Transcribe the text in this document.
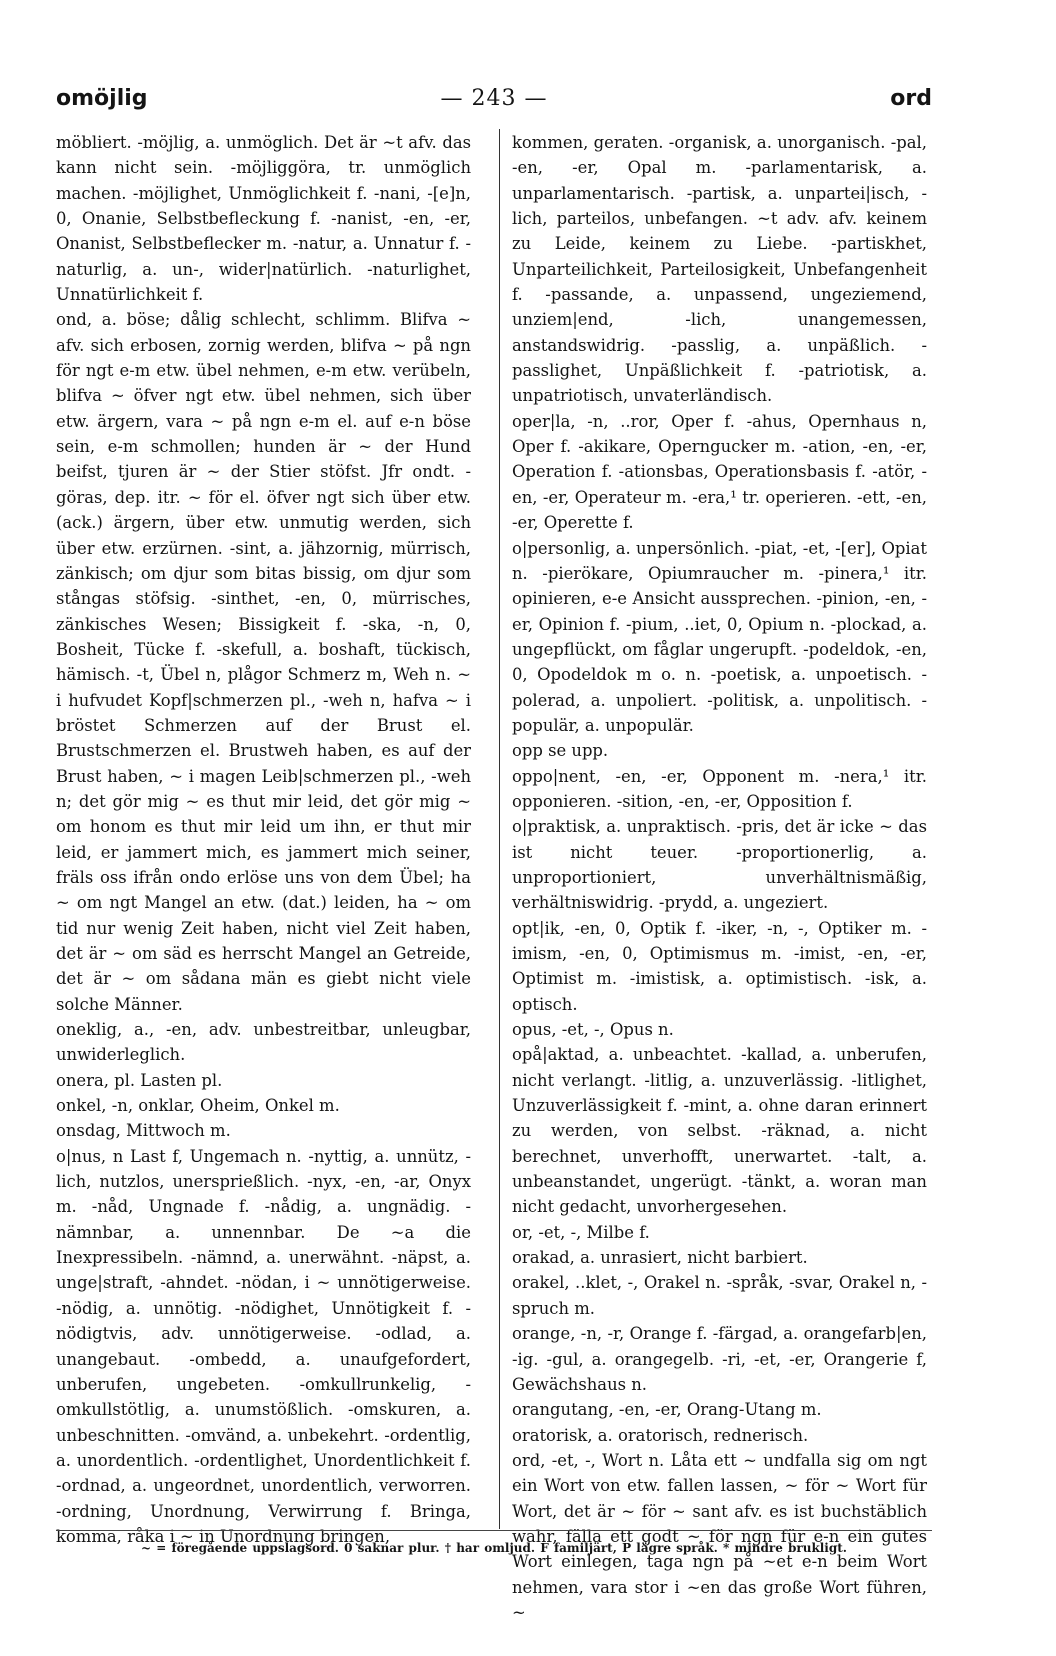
omöjlig	— 243 —	ord

möbliert. -möjlig, a. unmöglich. Det är ~t afv. das kann nicht sein. -möjliggöra, tr. unmöglich machen. -möjlighet, Unmöglichkeit f. -nani, -[e]n, 0, Onanie, Selbstbefleckung f. -nanist, -en, -er, Onanist, Selbstbeflecker m. -natur, a. Unnatur f. -naturlig, a. un-, wider|natürlich. -naturlighet, Unnatürlichkeit f.

ond, a. böse; dålig schlecht, schlimm. Blifva ~ afv. sich erbosen, zornig werden, blifva ~ på ngn för ngt e-m etw. übel nehmen, e-m etw. verübeln, blifva ~ öfver ngt etw. übel nehmen, sich über etw. ärgern, vara ~ på ngn e-m el. auf e-n böse sein, e-m schmollen; hunden är ~ der Hund beifst, tjuren är ~ der Stier stöfst. Jfr ondt. -göras, dep. itr. ~ för el. öfver ngt sich über etw. (ack.) ärgern, über etw. unmutig werden, sich über etw. erzürnen. -sint, a. jähzornig, mürrisch, zänkisch; om djur som bitas bissig, om djur som stångas stöfsig. -sinthet, -en, 0, mürrisches, zänkisches Wesen; Bissigkeit f. -ska, -n, 0, Bosheit, Tücke f. -skefull, a. boshaft, tückisch, hämisch. -t, Übel n, plågor Schmerz m, Weh n. ~ i hufvudet Kopf|schmerzen pl., -weh n, hafva ~ i bröstet Schmerzen auf der Brust el. Brustschmerzen el. Brustweh haben, es auf der Brust haben, ~ i magen Leib|schmerzen pl., -weh n; det gör mig ~ es thut mir leid, det gör mig ~ om honom es thut mir leid um ihn, er thut mir leid, er jammert mich, es jammert mich seiner, fräls oss ifrån ondo erlöse uns von dem Übel; ha ~ om ngt Mangel an etw. (dat.) leiden, ha ~ om tid nur wenig Zeit haben, nicht viel Zeit haben, det är ~ om säd es herrscht Mangel an Getreide, det är ~ om sådana män es giebt nicht viele solche Männer.

oneklig, a., -en, adv. unbestreitbar, unleugbar, unwiderleglich.

onera, pl. Lasten pl.

onkel, -n, onklar, Oheim, Onkel m.

onsdag, Mittwoch m.

o|nus, n Last f, Ungemach n. -nyttig, a. unnütz, -lich, nutzlos, unersprießlich. -nyx, -en, -ar, Onyx m. -nåd, Ungnade f. -nådig, a. ungnädig. -nämnbar, a. unnennbar. De ~a die Inexpressibeln. -nämnd, a. unerwähnt. -näpst, a. unge|straft, -ahndet. -nödan, i ~ unnötigerweise. -nödig, a. unnötig. -nödighet, Unnötigkeit f. -nödigtvis, adv. unnötigerweise. -odlad, a. unangebaut. -ombedd, a. unaufgefordert, unberufen, ungebeten. -omkullrunkelig, -omkullstötlig, a. unumstößlich. -omskuren, a. unbeschnitten. -omvänd, a. unbekehrt. -ordentlig, a. unordentlich. -ordentlighet, Unordentlichkeit f. -ordnad, a. ungeordnet, unordentlich, verworren. -ordning, Unordnung, Verwirrung f. Bringa, komma, råka i ~ in Unordnung bringen,

kommen, geraten. -organisk, a. unorganisch. -pal, -en, -er, Opal m. -parlamentarisk, a. unparlamentarisch. -partisk, a. unpartei|isch, -lich, parteilos, unbefangen. ~t adv. afv. keinem zu Leide, keinem zu Liebe. -partiskhet, Unparteilichkeit, Parteilosigkeit, Unbefangenheit f. -passande, a. unpassend, ungeziemend, unziem|end, -lich, unangemessen, anstandswidrig. -passlig, a. unpäßlich. -passlighet, Unpäßlichkeit f. -patriotisk, a. unpatriotisch, unvaterländisch.

oper|la, -n, ..ror, Oper f. -ahus, Opernhaus n, Oper f. -akikare, Operngucker m. -ation, -en, -er, Operation f. -ationsbas, Operationsbasis f. -atör, -en, -er, Operateur m. -era,¹ tr. operieren. -ett, -en, -er, Operette f.

o|personlig, a. unpersönlich. -piat, -et, -[er], Opiat n. -pierökare, Opiumraucher m. -pinera,¹ itr. opinieren, e-e Ansicht aussprechen. -pinion, -en, -er, Opinion f. -pium, ..iet, 0, Opium n. -plockad, a. ungepflückt, om fåglar ungerupft. -podeldok, -en, 0, Opodeldok m o. n. -poetisk, a. unpoetisch. -polerad, a. unpoliert. -politisk, a. unpolitisch. -populär, a. unpopulär.

opp se upp.

oppo|nent, -en, -er, Opponent m. -nera,¹ itr. opponieren. -sition, -en, -er, Opposition f.

o|praktisk, a. unpraktisch. -pris, det är icke ~ das ist nicht teuer. -proportionerlig, a. unproportioniert, unverhältnismäßig, verhältniswidrig. -prydd, a. ungeziert.

opt|ik, -en, 0, Optik f. -iker, -n, -, Optiker m. -imism, -en, 0, Optimismus m. -imist, -en, -er, Optimist m. -imistisk, a. optimistisch. -isk, a. optisch.

opus, -et, -, Opus n.

opå|aktad, a. unbeachtet. -kallad, a. unberufen, nicht verlangt. -litlig, a. unzuverlässig. -litlighet, Unzuverlässigkeit f. -mint, a. ohne daran erinnert zu werden, von selbst. -räknad, a. nicht berechnet, unverhofft, unerwartet. -talt, a. unbeanstandet, ungerügt. -tänkt, a. woran man nicht gedacht, unvorhergesehen.

or, -et, -, Milbe f.

orakad, a. unrasiert, nicht barbiert.

orakel, ..klet, -, Orakel n. -språk, -svar, Orakel n, -spruch m.

orange, -n, -r, Orange f. -färgad, a. orangefarb|en, -ig. -gul, a. orangegelb. -ri, -et, -er, Orangerie f, Gewächshaus n.

orangutang, -en, -er, Orang-Utang m.

oratorisk, a. oratorisch, rednerisch.

ord, -et, -, Wort n. Låta ett ~ undfalla sig om ngt ein Wort von etw. fallen lassen, ~ för ~ Wort für Wort, det är ~ för ~ sant afv. es ist buchstäblich wahr, fälla ett godt ~ för ngn für e-n ein gutes Wort einlegen, taga ngn på ~et e-n beim Wort nehmen, vara stor i ~en das große Wort führen, ~

~ = föregående uppslagsord. 0 saknar plur. † har omljud. F familjärt, P lägre språk. * mindre brukligt.
